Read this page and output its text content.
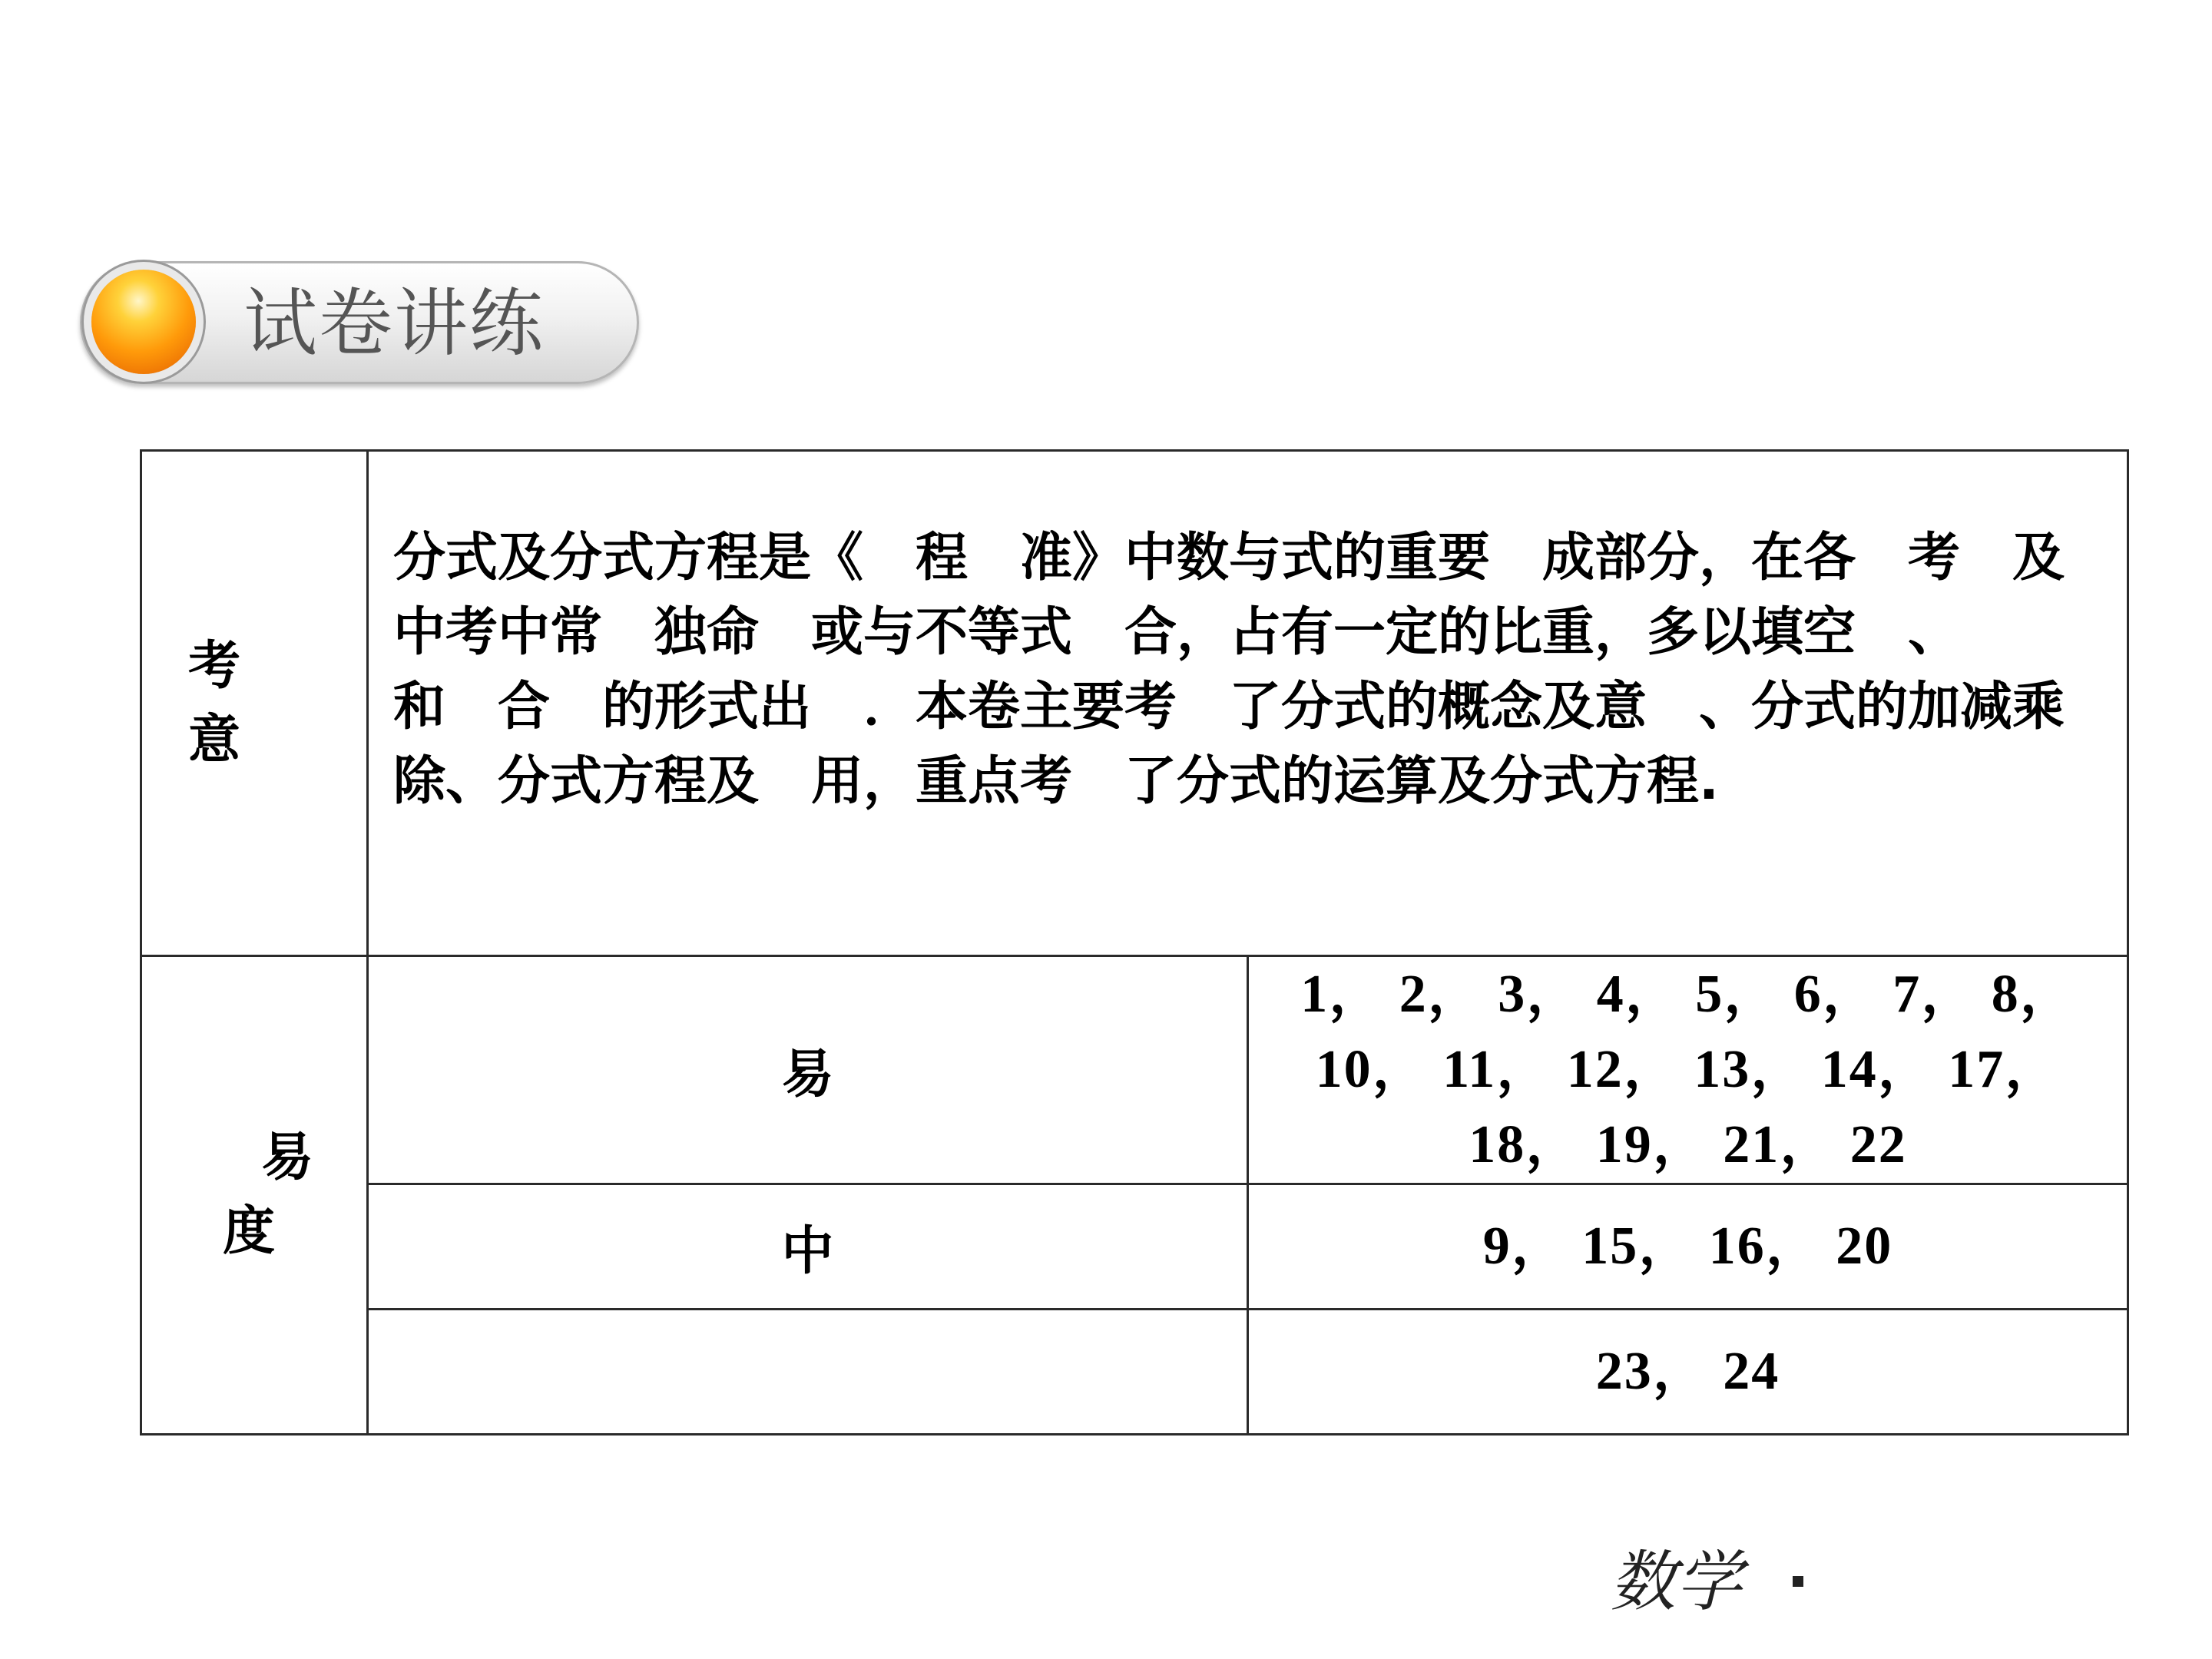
试卷讲练
考意	分式及分式方程是《　程　准》中数与式的重要　成部分，在各　考　及中考中常　独命　或与不等式　合，占有一定的比重，多以填空　、　　　和　合　的形式出　．本卷主要考　了分式的概念及意　、分式的加减乘除、分式方程及　用，重点考　了分式的运算及分式方程.	

易
度	易	1， 2， 3， 4， 5， 6， 7， 8， 10， 11， 12， 13， 14， 17， 18， 19， 21， 22
	中	9， 15， 16， 20
		23， 24
数学
